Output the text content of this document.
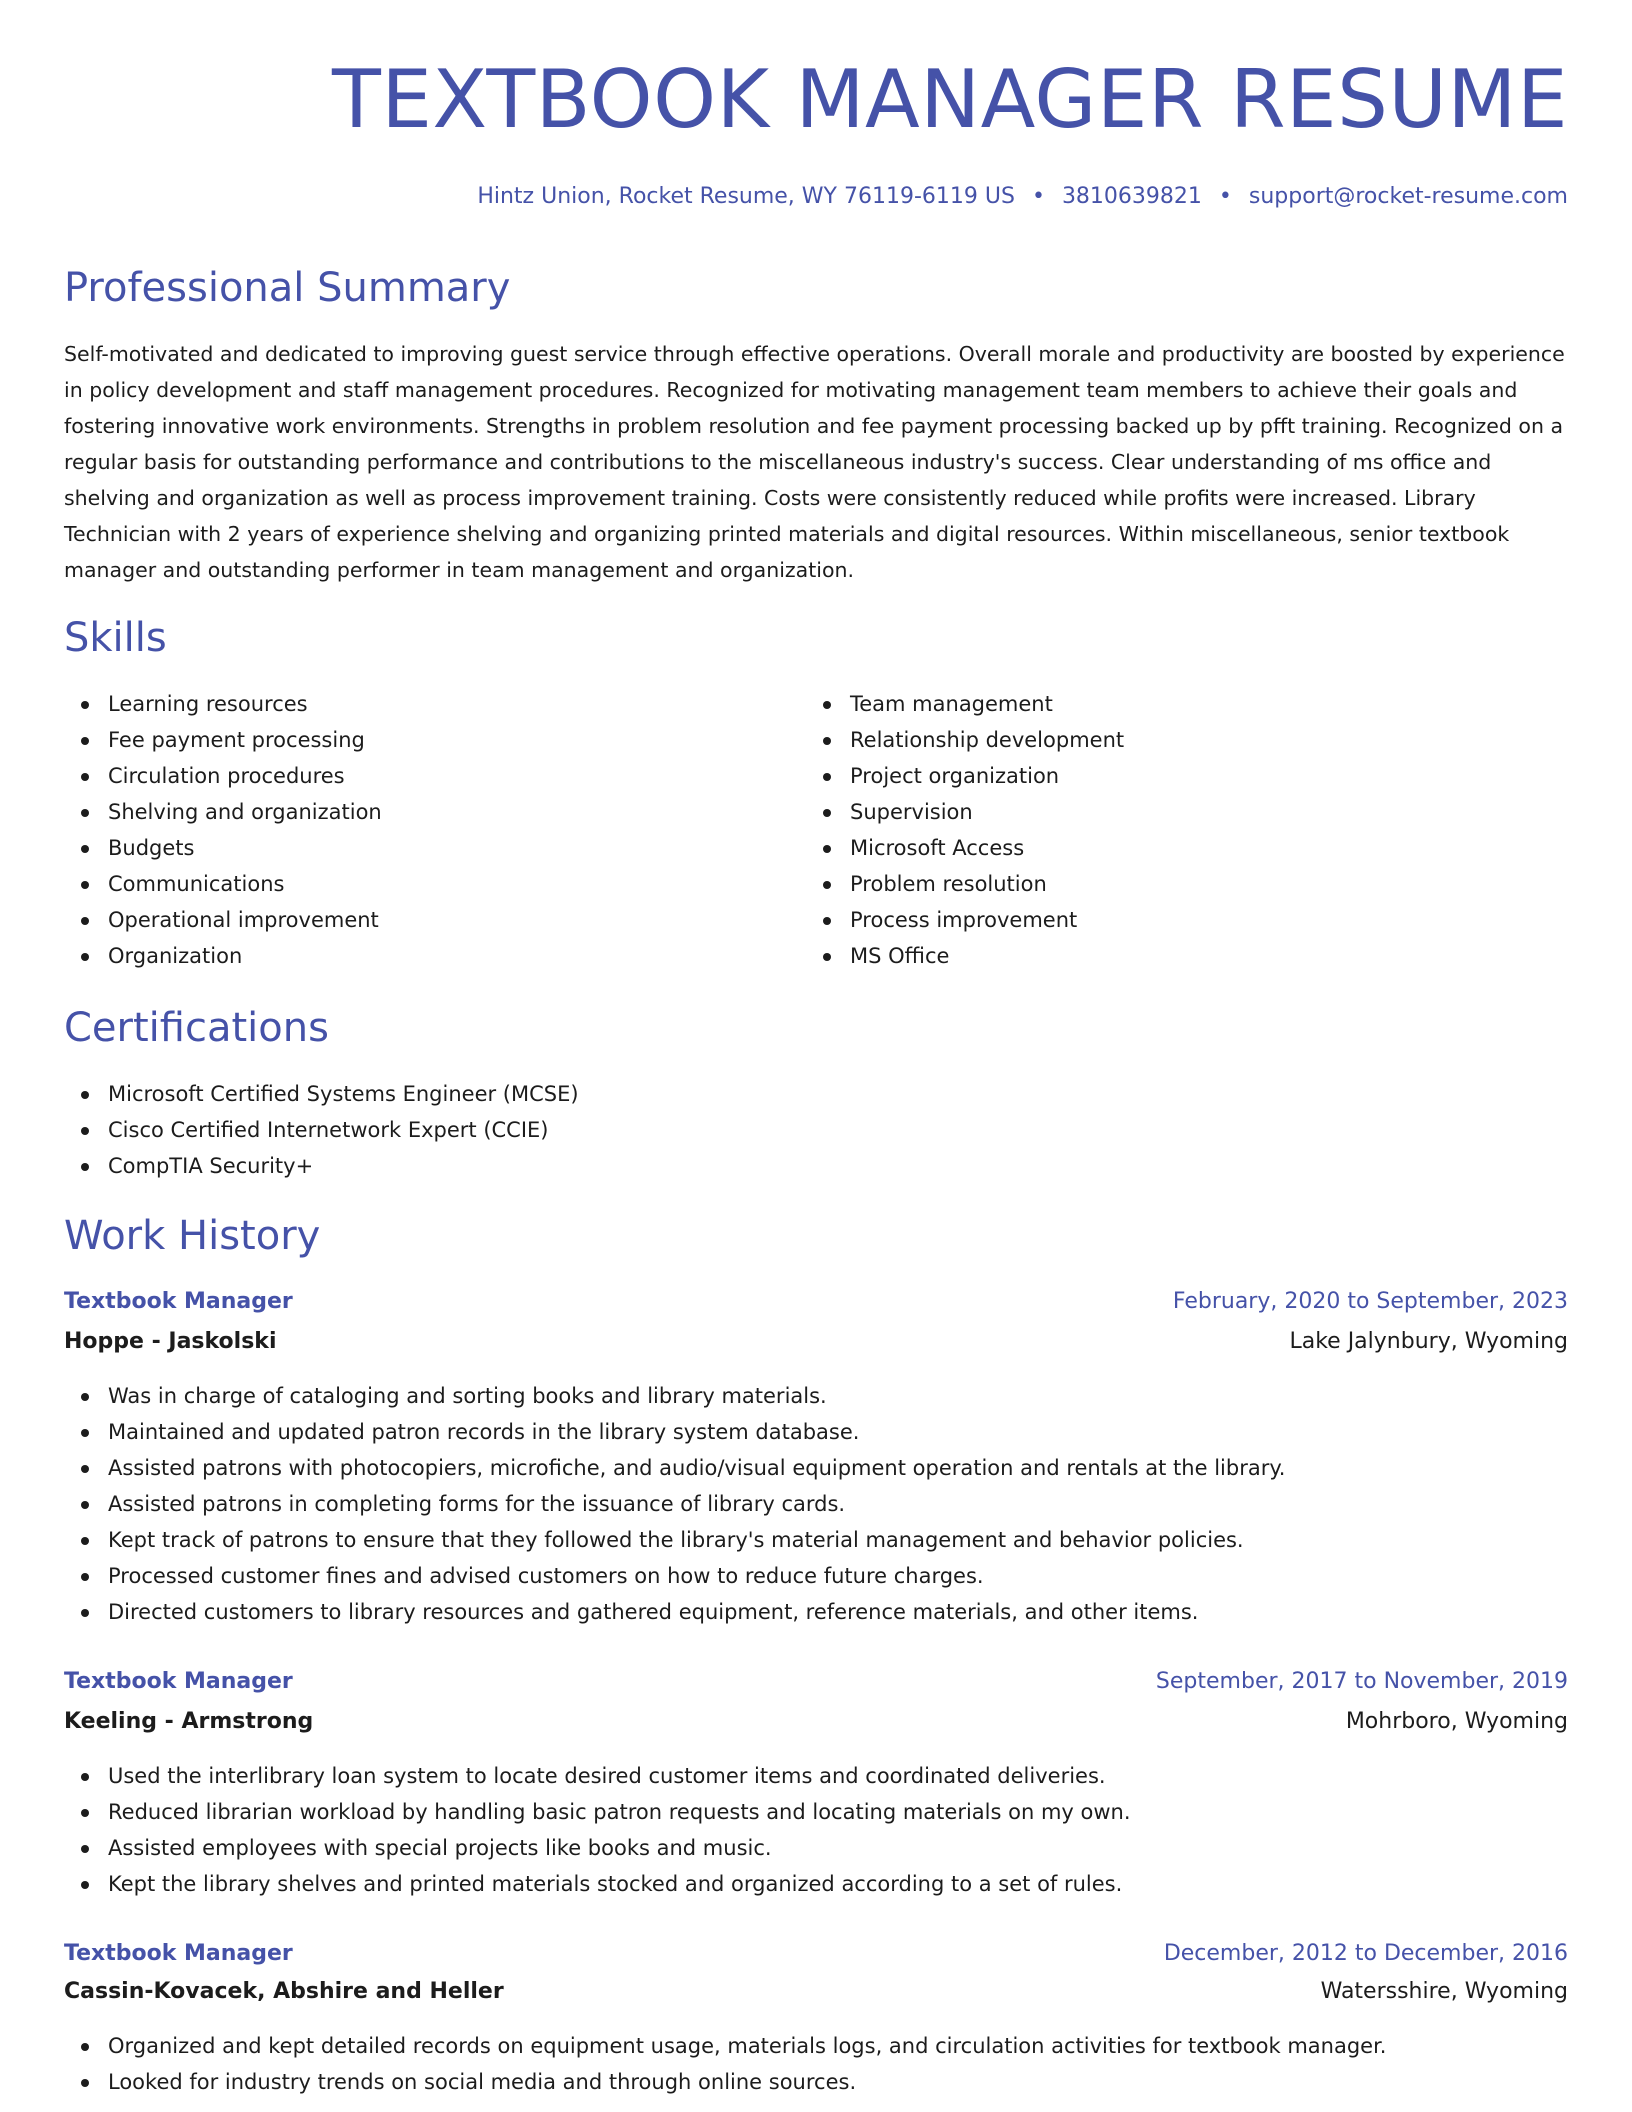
TEXTBOOK MANAGER RESUME
Hintz Union, Rocket Resume, WY 76119-6119 US • 3810639821 • support@rocket-resume.com
Professional Summary

Self-motivated and dedicated to improving guest service through effective operations. Overall morale and productivity are boosted by experience in policy development and staff management procedures. Recognized for motivating management team members to achieve their goals and fostering innovative work environments. Strengths in problem resolution and fee payment processing backed up by pfft training. Recognized on a regular basis for outstanding performance and contributions to the miscellaneous industry's success. Clear understanding of ms office and shelving and organization as well as process improvement training. Costs were consistently reduced while profits were increased. Library Technician with 2 years of experience shelving and organizing printed materials and digital resources. Within miscellaneous, senior textbook manager and outstanding performer in team management and organization.

Skills
Learning resources
Fee payment processing
Circulation procedures
Shelving and organization
Budgets
Communications
Operational improvement
Organization
Team management
Relationship development
Project organization
Supervision
Microsoft Access
Problem resolution
Process improvement
MS Office
Certifications
Microsoft Certified Systems Engineer (MCSE)
Cisco Certified Internetwork Expert (CCIE)
CompTIA Security+
Work History
Textbook Manager	February, 2020 to September, 2023
Hoppe - Jaskolski	Lake Jalynbury, Wyoming
Was in charge of cataloging and sorting books and library materials.
Maintained and updated patron records in the library system database.
Assisted patrons with photocopiers, microfiche, and audio/visual equipment operation and rentals at the library.
Assisted patrons in completing forms for the issuance of library cards.
Kept track of patrons to ensure that they followed the library's material management and behavior policies.
Processed customer fines and advised customers on how to reduce future charges.
Directed customers to library resources and gathered equipment, reference materials, and other items.
Textbook Manager	September, 2017 to November, 2019
Keeling - Armstrong	Mohrboro, Wyoming
Used the interlibrary loan system to locate desired customer items and coordinated deliveries.
Reduced librarian workload by handling basic patron requests and locating materials on my own.
Assisted employees with special projects like books and music.
Kept the library shelves and printed materials stocked and organized according to a set of rules.
Textbook Manager	December, 2012 to December, 2016
Cassin-Kovacek, Abshire and Heller	Watersshire, Wyoming
Organized and kept detailed records on equipment usage, materials logs, and circulation activities for textbook manager.
Looked for industry trends on social media and through online sources.
